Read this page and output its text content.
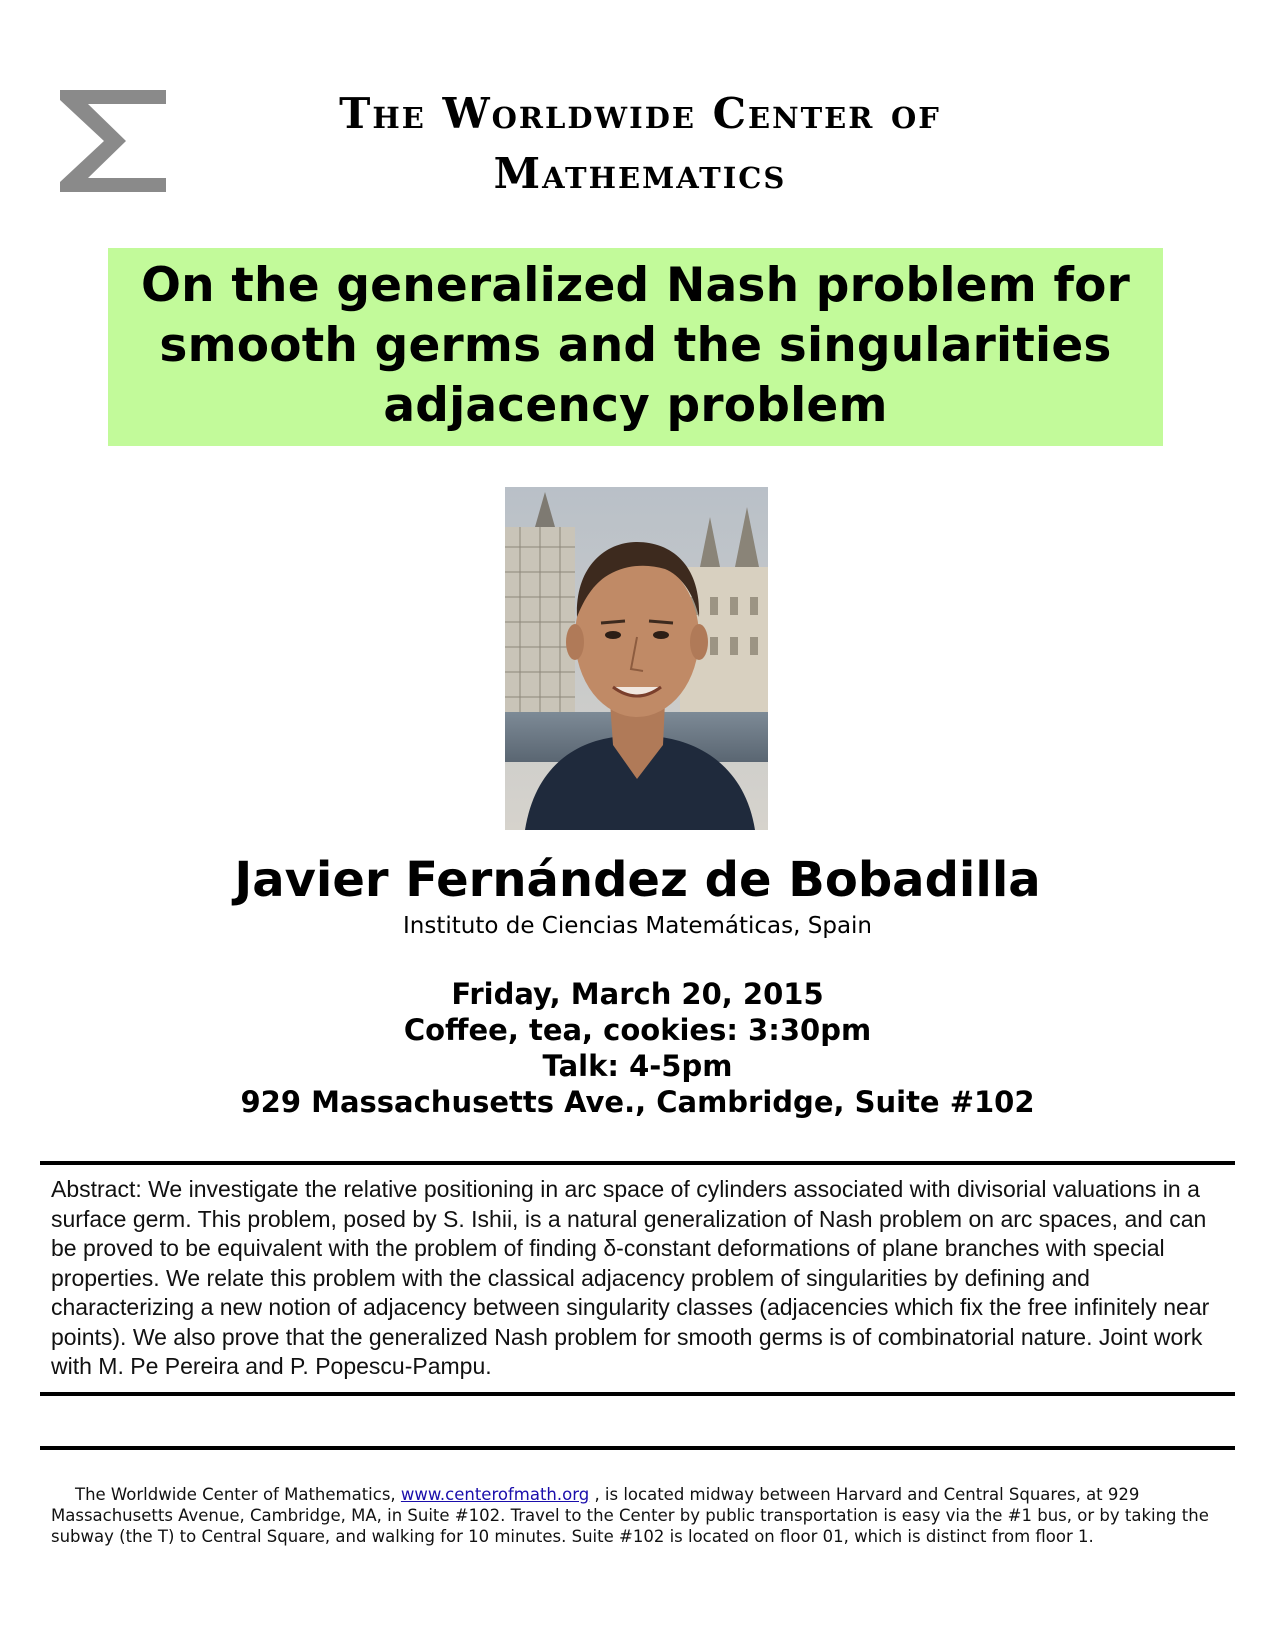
The Worldwide Center of
Mathematics
On the generalized Nash problem for
smooth germs and the singularities
adjacency problem
Javier Fernández de Bobadilla
Instituto de Ciencias Matemáticas, Spain
Friday, March 20, 2015
Coffee, tea, cookies: 3:30pm
Talk: 4-5pm
929 Massachusetts Ave., Cambridge, Suite #102
Abstract: We investigate the relative positioning in arc space of cylinders associated with divisorial valuations in a surface germ. This problem, posed by S. Ishii, is a natural generalization of Nash problem on arc spaces, and can be proved to be equivalent with the problem of finding δ-constant deformations of plane branches with special properties. We relate this problem with the classical adjacency problem of singularities by defining and characterizing a new notion of adjacency between singularity classes (adjacencies which fix the free infinitely near points). We also prove that the generalized Nash problem for smooth germs is of combinatorial nature. Joint work with M. Pe Pereira and P. Popescu-Pampu.
The Worldwide Center of Mathematics, www.centerofmath.org , is located midway between Harvard and Central Squares, at 929 Massachusetts Avenue, Cambridge, MA, in Suite #102. Travel to the Center by public transportation is easy via the #1 bus, or by taking the subway (the T) to Central Square, and walking for 10 minutes. Suite #102 is located on floor 01, which is distinct from floor 1.
